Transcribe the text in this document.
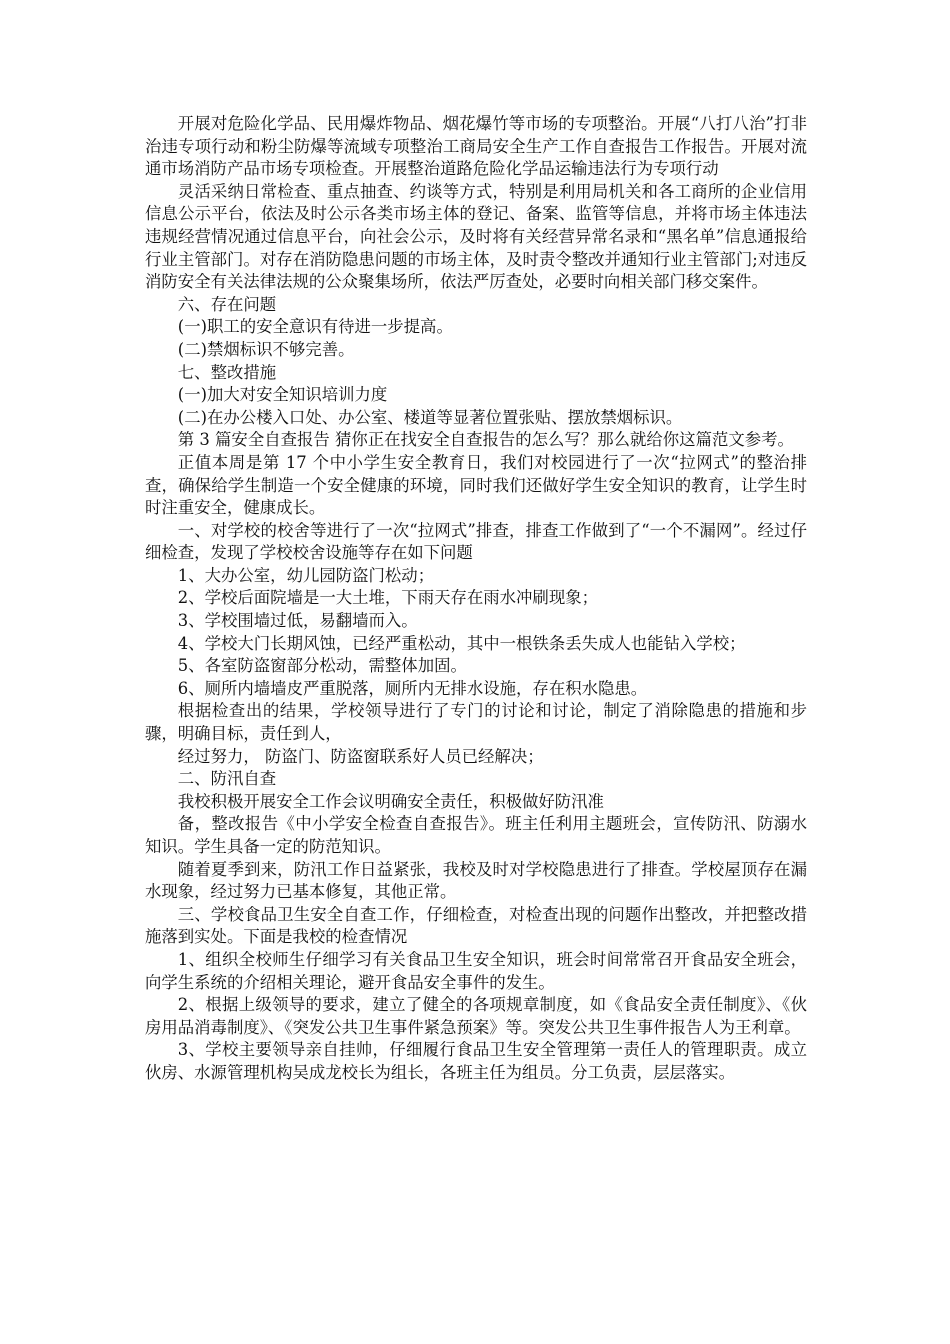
开展对危险化学品、民用爆炸物品、烟花爆竹等市场的专项整治。开展“八打八治”打非治违专项行动和粉尘防爆等流域专项整治工商局安全生产工作自查报告工作报告。开展对流通市场消防产品市场专项检查。开展整治道路危险化学品运输违法行为专项行动

灵活采纳日常检查、重点抽查、约谈等方式，特别是利用局机关和各工商所的企业信用信息公示平台，依法及时公示各类市场主体的登记、备案、监管等信息，并将市场主体违法违规经营情况通过信息平台，向社会公示，及时将有关经营异常名录和“黑名单”信息通报给行业主管部门。对存在消防隐患问题的市场主体，及时责令整改并通知行业主管部门;对违反消防安全有关法律法规的公众聚集场所，依法严厉查处，必要时向相关部门移交案件。

六、存在问题

(一)职工的安全意识有待进一步提高。

(二)禁烟标识不够完善。

七、整改措施

(一)加大对安全知识培训力度

(二)在办公楼入口处、办公室、楼道等显著位置张贴、摆放禁烟标识。

第 3 篇安全自查报告 猜你正在找安全自查报告的怎么写？那么就给你这篇范文参考。

正值本周是第 17 个中小学生安全教育日，我们对校园进行了一次“拉网式”的整治排查，确保给学生制造一个安全健康的环境，同时我们还做好学生安全知识的教育，让学生时时注重安全，健康成长。

一、对学校的校舍等进行了一次“拉网式”排查，排查工作做到了“一个不漏网”。经过仔细检查，发现了学校校舍设施等存在如下问题

1、大办公室，幼儿园防盗门松动；

2、学校后面院墙是一大土堆，下雨天存在雨水冲刷现象；

3、学校围墙过低，易翻墙而入。

4、学校大门长期风蚀，已经严重松动，其中一根铁条丢失成人也能钻入学校；

5、各室防盗窗部分松动，需整体加固。

6、厕所内墙墙皮严重脱落，厕所内无排水设施，存在积水隐患。

根据检查出的结果，学校领导进行了专门的讨论和讨论，制定了消除隐患的措施和步骤，明确目标，责任到人，

经过努力， 防盗门、防盗窗联系好人员已经解决；

二、防汛自查

我校积极开展安全工作会议明确安全责任，积极做好防汛准

备，整改报告《中小学安全检查自查报告》。班主任利用主题班会，宣传防汛、防溺水知识。学生具备一定的防范知识。

随着夏季到来，防汛工作日益紧张，我校及时对学校隐患进行了排查。学校屋顶存在漏水现象，经过努力已基本修复，其他正常。

三、学校食品卫生安全自查工作，仔细检查，对检查出现的问题作出整改，并把整改措施落到实处。下面是我校的检查情况

1、组织全校师生仔细学习有关食品卫生安全知识，班会时间常常召开食品安全班会，向学生系统的介绍相关理论，避开食品安全事件的发生。

2、根据上级领导的要求，建立了健全的各项规章制度，如《食品安全责任制度》、《伙房用品消毒制度》、《突发公共卫生事件紧急预案》等。突发公共卫生事件报告人为王利章。

3、学校主要领导亲自挂帅，仔细履行食品卫生安全管理第一责任人的管理职责。成立伙房、水源管理机构吴成龙校长为组长，各班主任为组员。分工负责，层层落实。
